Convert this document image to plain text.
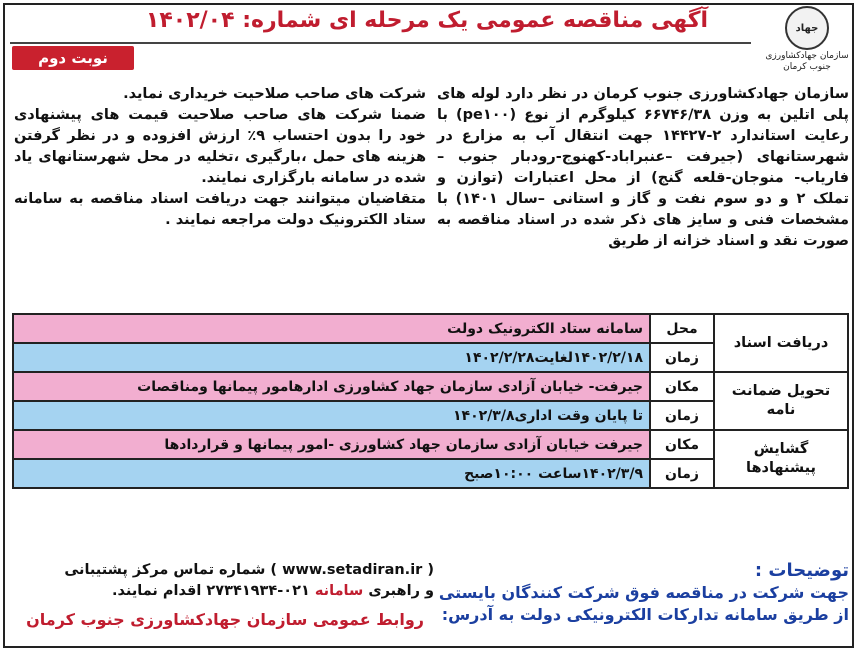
جهاد
سازمان جهادکشاورزی
جنوب کرمان
آگهی مناقصه عمومی یک مرحله ای شماره: ۱۴۰۲/۰۴
نوبت دوم

سازمان جهادکشاورزی جنوب کرمان در نظر دارد لوله های پلی اتلین به وزن ۶۶۷۴۶/۳۸ کیلوگرم از نوع (pe۱۰۰) با رعایت استاندارد ۲-۱۴۴۲۷ جهت انتقال آب به مزارع در شهرستانهای (جیرفت –عنبراباد-کهنوج-رودبار جنوب –فاریاب- منوجان-قلعه گنج) از محل اعتبارات (توازن و تملک ۲ و دو سوم نفت و گاز و استانی –سال ۱۴۰۱) با مشخصات فنی و سایز های ذکر شده در اسناد مناقصه به صورت نقد و اسناد خزانه از طریق

شرکت های صاحب صلاحیت خریداری نماید.

ضمنا شرکت های صاحب صلاحیت قیمت های پیشنهادی خود را بدون احتساب ۹٪ ارزش افزوده و در نظر گرفتن هزینه های حمل ،بارگیری ،تخلیه در محل شهرستانهای یاد شده در سامانه بارگزاری نمایند.

متقاضیان میتوانند جهت دریافت اسناد مناقصه به سامانه ستاد الکترونیک دولت مراجعه نمایند .

دریافت اسناد	محل	سامانه ستاد الکترونیک دولت
	زمان	۱۴۰۲/۲/۱۸لغایت۱۴۰۲/۲/۲۸
تحویل ضمانت نامه	مکان	جیرفت- خیابان آزادی سازمان جهاد کشاورزی ادارهامور پیمانها ومناقصات
	زمان	تا پایان وقت اداری۱۴۰۲/۳/۸
گشایش پیشنهادها	مکان	جیرفت خیابان آزادی سازمان جهاد کشاورزی -امور پیمانها و قراردادها
	زمان	۱۴۰۲/۳/۹ساعت ۱۰:۰۰صبح
توضیحات :
جهت شرکت در مناقصه فوق شرکت کنندگان بایستی
از طریق سامانه تدارکات الکترونیکی دولت به آدرس:
( www.setadiran.ir ) شماره تماس مرکز پشتیبانی
و راهبری سامانه ۰۲۱-۲۷۳۴۱۹۳۴ اقدام نمایند.
روابط عمومی سازمان جهادکشاورزی جنوب کرمان
